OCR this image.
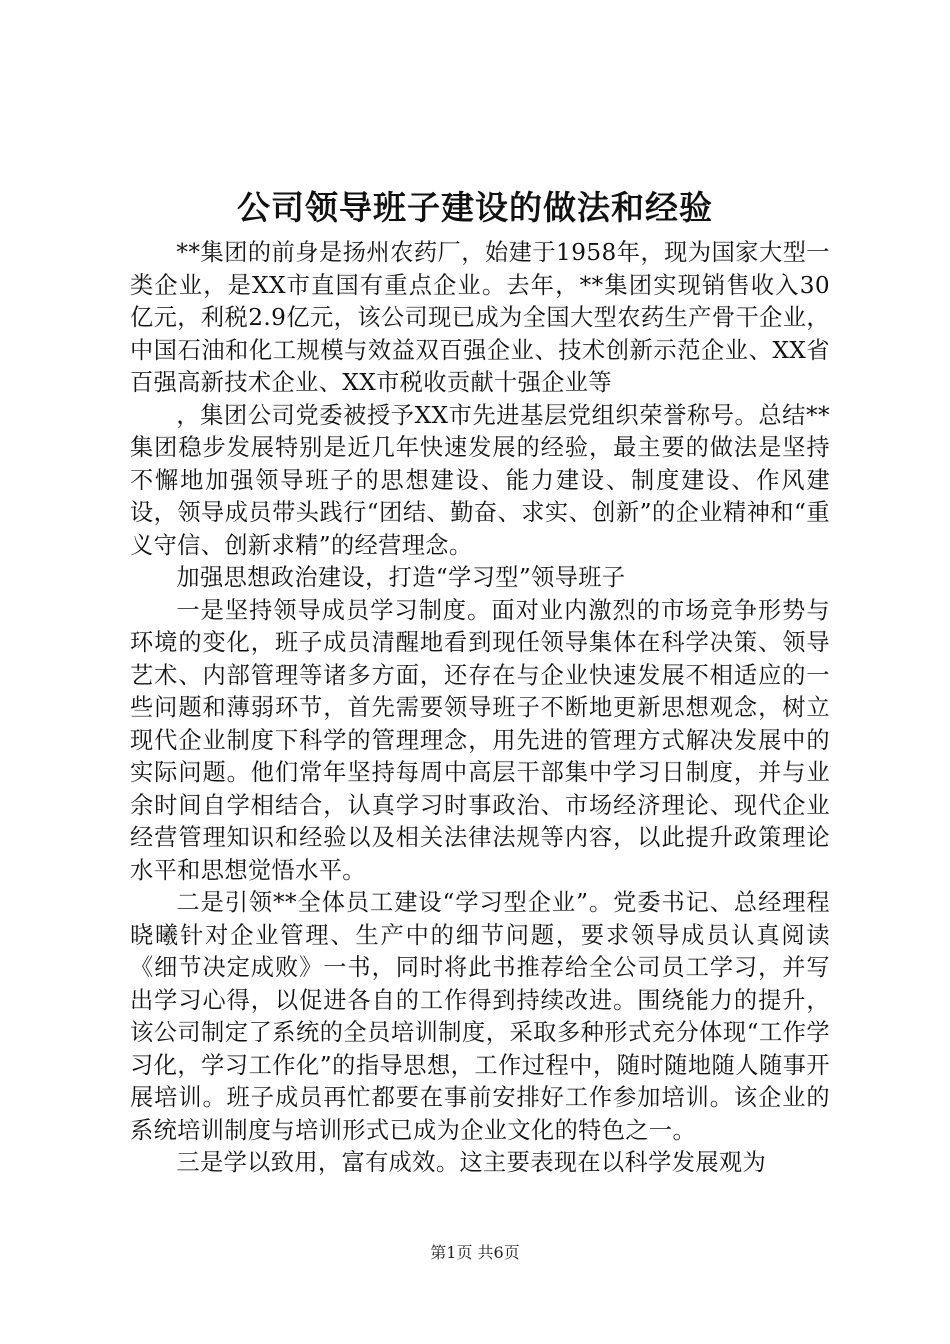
公司领导班子建设的做法和经验

**集团的前身是扬州农药厂，始建于1958年，现为国家大型一类企业，是XX市直国有重点企业。去年，**集团实现销售收入30亿元，利税2.9亿元，该公司现已成为全国大型农药生产骨干企业，中国石油和化工规模与效益双百强企业、技术创新示范企业、XX省百强高新技术企业、XX市税收贡献十强企业等

，集团公司党委被授予XX市先进基层党组织荣誉称号。总结**集团稳步发展特别是近几年快速发展的经验，最主要的做法是坚持不懈地加强领导班子的思想建设、能力建设、制度建设、作风建设，领导成员带头践行“团结、勤奋、求实、创新”的企业精神和“重义守信、创新求精”的经营理念。

加强思想政治建设，打造“学习型”领导班子

一是坚持领导成员学习制度。面对业内激烈的市场竞争形势与环境的变化，班子成员清醒地看到现任领导集体在科学决策、领导艺术、内部管理等诸多方面，还存在与企业快速发展不相适应的一些问题和薄弱环节，首先需要领导班子不断地更新思想观念，树立现代企业制度下科学的管理理念，用先进的管理方式解决发展中的实际问题。他们常年坚持每周中高层干部集中学习日制度，并与业余时间自学相结合，认真学习时事政治、市场经济理论、现代企业经营管理知识和经验以及相关法律法规等内容，以此提升政策理论水平和思想觉悟水平。

二是引领**全体员工建设“学习型企业”。党委书记、总经理程晓曦针对企业管理、生产中的细节问题，要求领导成员认真阅读《细节决定成败》一书，同时将此书推荐给全公司员工学习，并写出学习心得，以促进各自的工作得到持续改进。围绕能力的提升，该公司制定了系统的全员培训制度，采取多种形式充分体现“工作学习化，学习工作化”的指导思想，工作过程中，随时随地随人随事开展培训。班子成员再忙都要在事前安排好工作参加培训。该企业的系统培训制度与培训形式已成为企业文化的特色之一。

三是学以致用，富有成效。这主要表现在以科学发展观为

第1页 共6页
